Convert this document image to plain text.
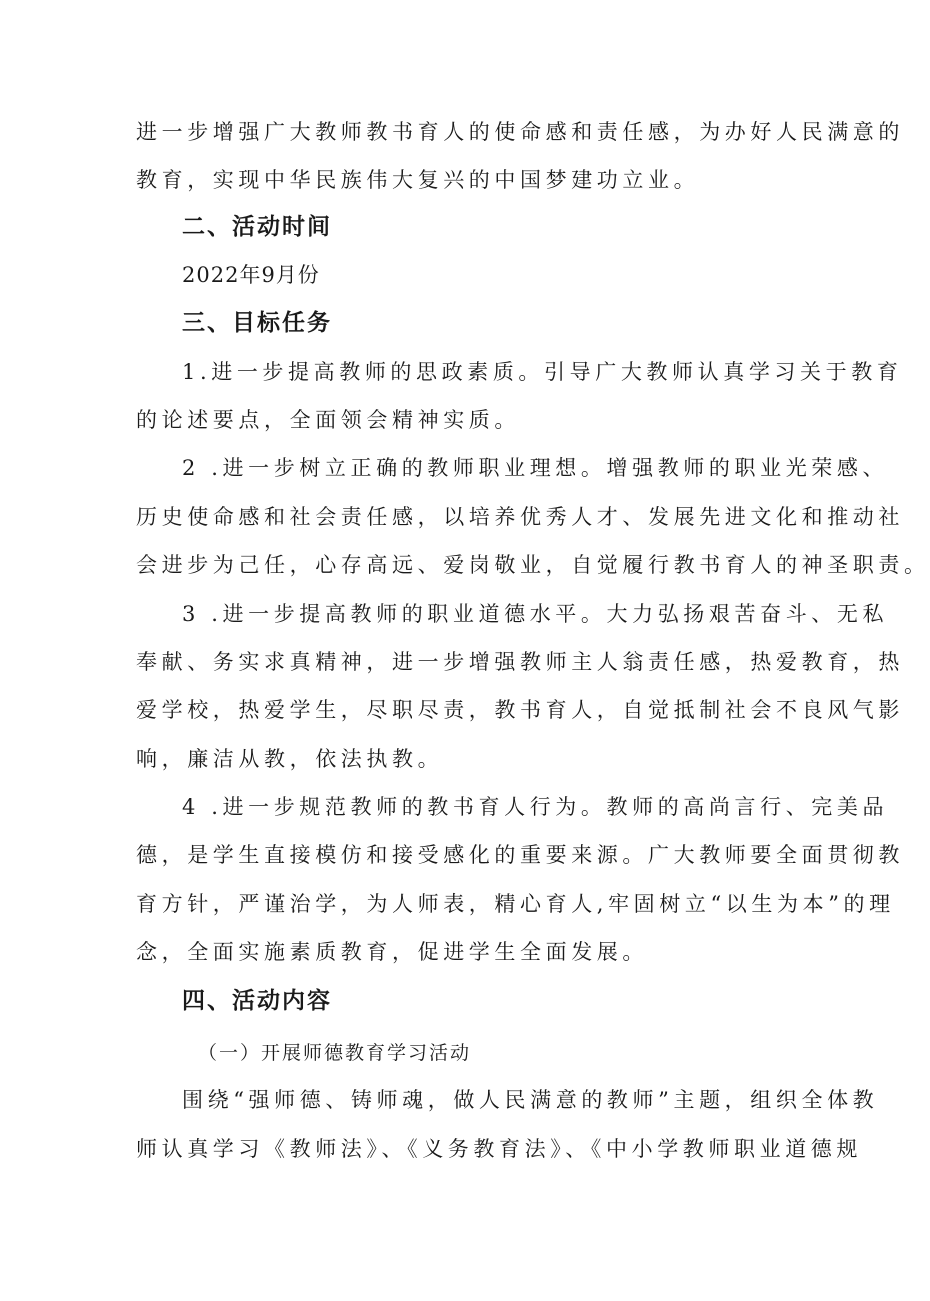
进一步增强广大教师教书育人的使命感和责任感，为办好人民满意的
教育，实现中华民族伟大复兴的中国梦建功立业。
二、活动时间
2022年9月份
三、目标任务
1.进一步提高教师的思政素质。引导广大教师认真学习关于教育
的论述要点，全面领会精神实质。
2 .进一步树立正确的教师职业理想。增强教师的职业光荣感、
历史使命感和社会责任感，以培养优秀人才、发展先进文化和推动社
会进步为己任，心存高远、爱岗敬业，自觉履行教书育人的神圣职责。
3 .进一步提高教师的职业道德水平。大力弘扬艰苦奋斗、无私
奉献、务实求真精神，进一步增强教师主人翁责任感，热爱教育，热
爱学校，热爱学生，尽职尽责，教书育人，自觉抵制社会不良风气影
响，廉洁从教，依法执教。
4 .进一步规范教师的教书育人行为。教师的高尚言行、完美品
德，是学生直接模仿和接受感化的重要来源。广大教师要全面贯彻教
育方针，严谨治学，为人师表，精心育人,牢固树立“以生为本”的理
念，全面实施素质教育，促进学生全面发展。
四、活动内容
（一）开展师德教育学习活动
围绕“强师德、铸师魂，做人民满意的教师”主题，组织全体教
师认真学习《教师法》、《义务教育法》、《中小学教师职业道德规
